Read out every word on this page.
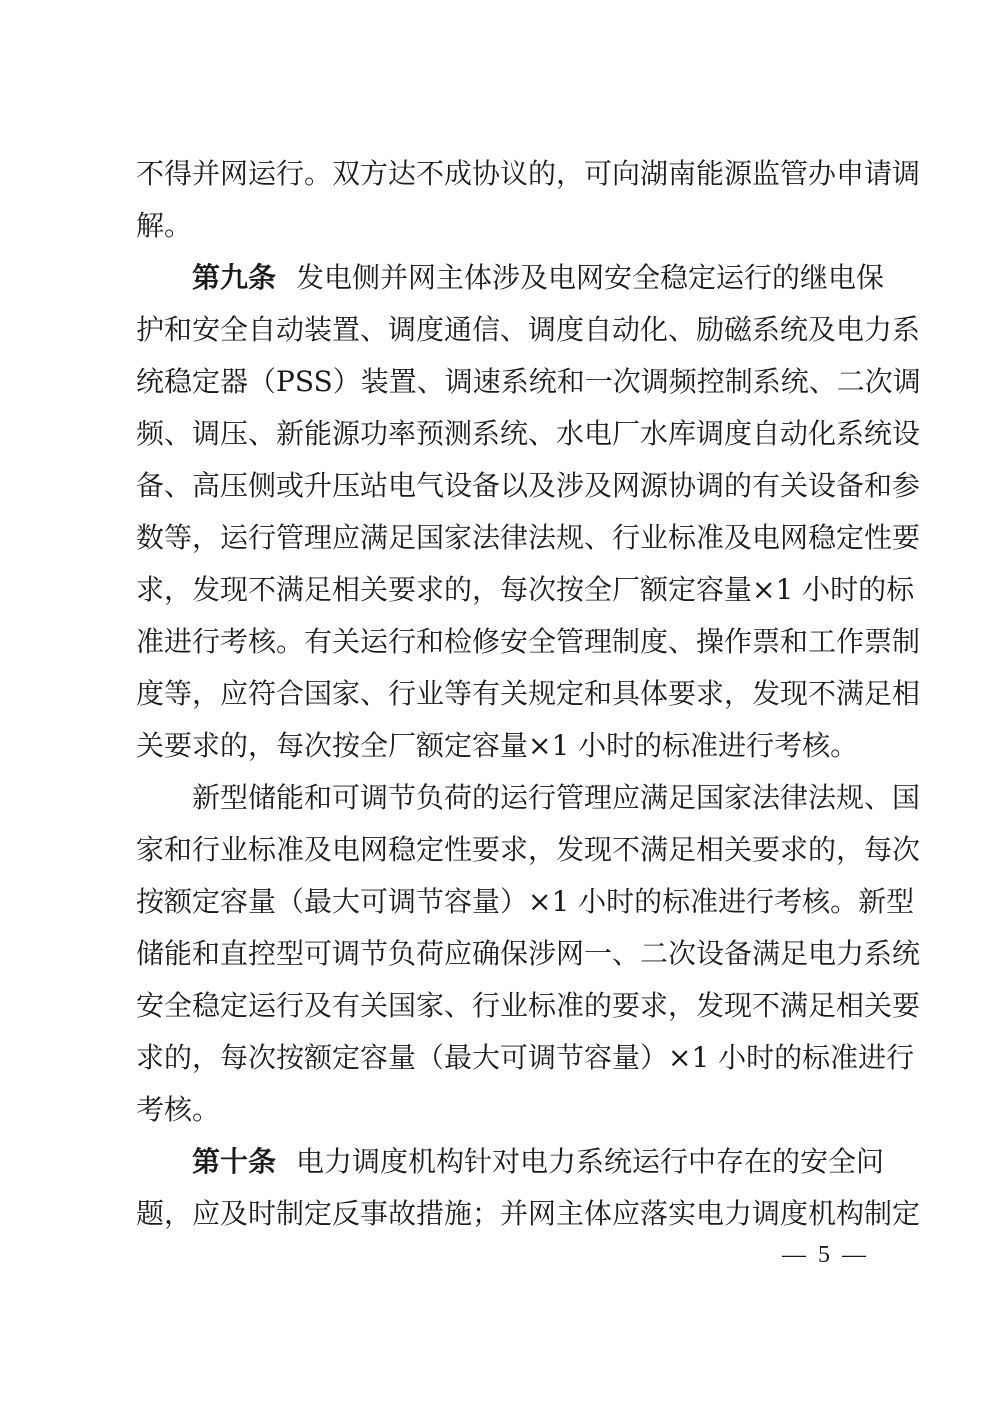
不得并网运行。双方达不成协议的，可向湖南能源监管办申请调
解。
第九条 发电侧并网主体涉及电网安全稳定运行的继电保
护和安全自动装置、调度通信、调度自动化、励磁系统及电力系
统稳定器（PSS）装置、调速系统和一次调频控制系统、二次调
频、调压、新能源功率预测系统、水电厂水库调度自动化系统设
备、高压侧或升压站电气设备以及涉及网源协调的有关设备和参
数等，运行管理应满足国家法律法规、行业标准及电网稳定性要
求，发现不满足相关要求的，每次按全厂额定容量×1 小时的标
准进行考核。有关运行和检修安全管理制度、操作票和工作票制
度等，应符合国家、行业等有关规定和具体要求，发现不满足相
关要求的，每次按全厂额定容量×1 小时的标准进行考核。
新型储能和可调节负荷的运行管理应满足国家法律法规、国
家和行业标准及电网稳定性要求，发现不满足相关要求的，每次
按额定容量（最大可调节容量）×1 小时的标准进行考核。新型
储能和直控型可调节负荷应确保涉网一、二次设备满足电力系统
安全稳定运行及有关国家、行业标准的要求，发现不满足相关要
求的，每次按额定容量（最大可调节容量）×1 小时的标准进行
考核。
第十条 电力调度机构针对电力系统运行中存在的安全问
题，应及时制定反事故措施；并网主体应落实电力调度机构制定
— 5 —
